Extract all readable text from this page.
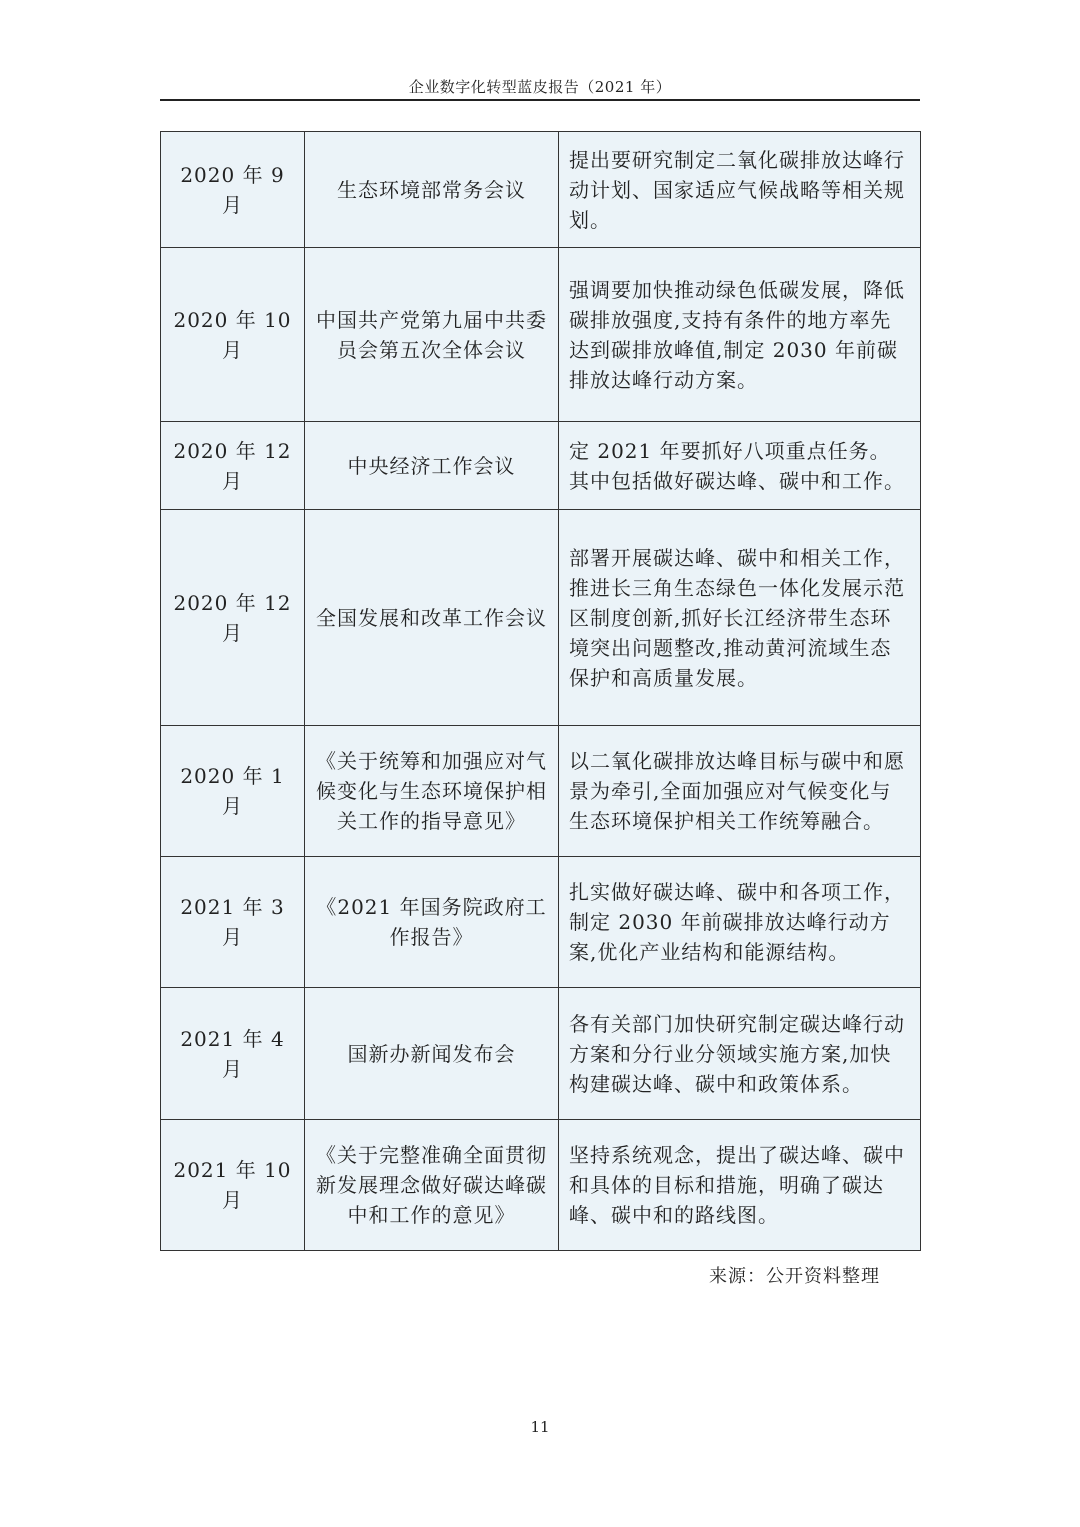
企业数字化转型蓝皮报告（2021 年）
2020 年 9 月	生态环境部常务会议	提出要研究制定二氧化碳排放达峰行动计划、国家适应气候战略等相关规划。
2020 年 10 月	中国共产党第九届中共委员会第五次全体会议	强调要加快推动绿色低碳发展，降低碳排放强度,支持有条件的地方率先达到碳排放峰值,制定 2030 年前碳排放达峰行动方案。
2020 年 12 月	中央经济工作会议	定 2021 年要抓好八项重点任务。其中包括做好碳达峰、碳中和工作。
2020 年 12 月	全国发展和改革工作会议	部署开展碳达峰、碳中和相关工作，推进长三角生态绿色一体化发展示范区制度创新,抓好长江经济带生态环境突出问题整改,推动黄河流域生态保护和高质量发展。
2020 年 1 月	《关于统筹和加强应对气候变化与生态环境保护相关工作的指导意见》	以二氧化碳排放达峰目标与碳中和愿景为牵引,全面加强应对气候变化与生态环境保护相关工作统筹融合。
2021 年 3 月	《2021 年国务院政府工作报告》	扎实做好碳达峰、碳中和各项工作，制定 2030 年前碳排放达峰行动方案,优化产业结构和能源结构。
2021 年 4 月	国新办新闻发布会	各有关部门加快研究制定碳达峰行动方案和分行业分领域实施方案,加快构建碳达峰、碳中和政策体系。
2021 年 10 月	《关于完整准确全面贯彻新发展理念做好碳达峰碳中和工作的意见》	坚持系统观念，提出了碳达峰、碳中和具体的目标和措施，明确了碳达峰、碳中和的路线图。
来源：公开资料整理
11
